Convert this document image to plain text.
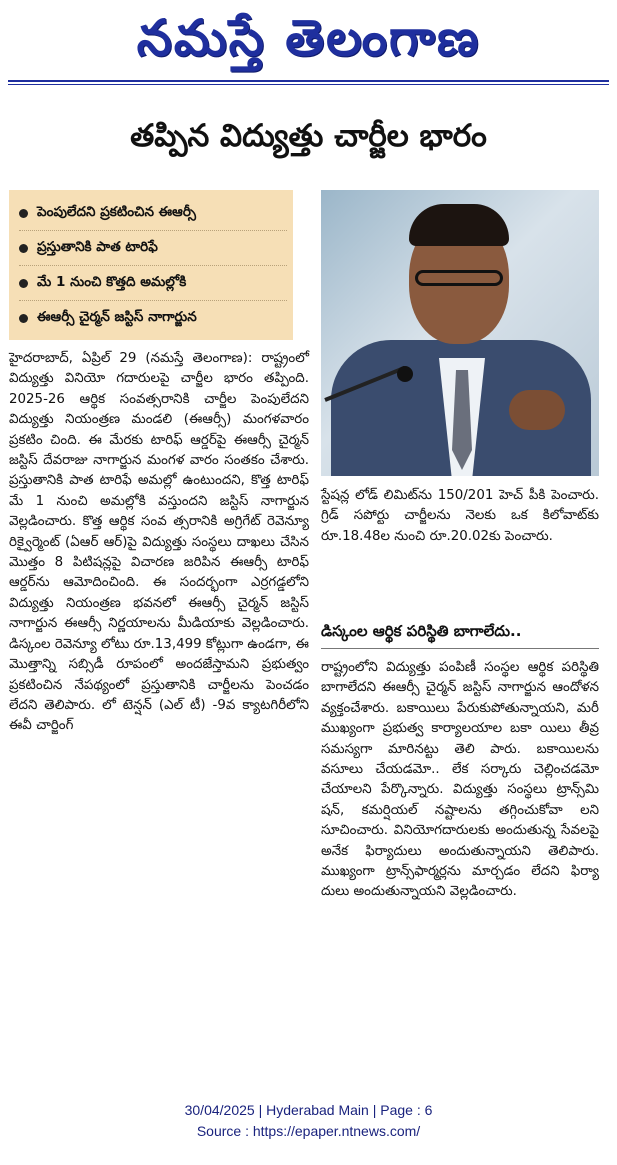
నమస్తే తెలంగాణ
తప్పిన విద్యుత్తు చార్జీల భారం
పెంపులేదని ప్రకటించిన ఈఆర్సీ
ప్రస్తుతానికి పాత టారిఫే
మే 1 నుంచి కొత్తది అమల్లోకి
ఈఆర్సీ చైర్మన్ జస్టిస్ నాగార్జున

హైదరాబాద్, ఏప్రిల్ 29 (నమస్తే తెలంగాణ): రాష్ట్రంలో విద్యుత్తు వినియో గదారులపై చార్జీల భారం తప్పింది. 2025-26 ఆర్థిక సంవత్సరానికి చార్జీల పెంపులేదని విద్యుత్తు నియంత్రణ మండలి (ఈఆర్సీ) మంగళవారం ప్రకటిం చింది. ఈ మేరకు టారిఫ్ ఆర్డర్‌పై ఈఆర్సీ చైర్మన్ జస్టిస్ దేవరాజు నాగార్జున మంగళ వారం సంతకం చేశారు. ప్రస్తుతానికి పాత టారిఫే అమల్లో ఉంటుందని, కొత్త టారిఫ్ మే 1 నుంచి అమల్లోకి వస్తుందని జస్టిస్ నాగార్జున వెల్లడించారు. కొత్త ఆర్థిక సంవ త్సరానికి అగ్రిగేట్ రెవెన్యూ రిక్వైర్మెంట్ (ఏఆర్ ఆర్)పై విద్యుత్తు సంస్థలు దాఖలు చేసిన మొత్తం 8 పిటిషన్లపై విచారణ జరిపిన ఈఆర్సీ టారిఫ్ ఆర్డర్‌ను ఆమోదించింది. ఈ సందర్భంగా ఎర్రగడ్డలోని విద్యుత్తు నియంత్రణ భవనలో ఈఆర్సీ చైర్మన్ జస్టిస్ నాగార్జున ఈఆర్సీ నిర్ణయాలను మీడియాకు వెల్లడించారు. డిస్కంల రెవెన్యూ లోటు రూ.13,499 కోట్లుగా ఉండగా, ఈ మొత్తాన్ని సబ్సిడీ రూపంలో అందజేస్తామని ప్రభుత్వం ప్రకటించిన నేపథ్యంలో ప్రస్తుతానికి చార్జీలను పెంచడం లేదని తెలిపారు. లో టెన్షన్ (ఎల్ టీ) -9వ క్యాటగిరీలోని ఈవీ చార్జింగ్

స్టేషన్ల లోడ్ లిమిట్‌ను 150/201 హెచ్ పీకి పెంచారు. గ్రిడ్ సపోర్టు చార్జీలను నెలకు ఒక కిలోవాట్‌కు రూ.18.48ల నుంచి రూ.20.02కు పెంచారు.

డిస్కంల ఆర్థిక పరిస్థితి బాగాలేదు..

రాష్ట్రంలోని విద్యుత్తు పంపిణీ సంస్థల ఆర్థిక పరిస్థితి బాగాలేదని ఈఆర్సీ చైర్మన్ జస్టిస్ నాగార్జున ఆందోళన వ్యక్తంచేశారు. బకాయిలు పేరుకుపోతున్నాయని, మరీ ముఖ్యంగా ప్రభుత్వ కార్యాలయాల బకా యిలు తీవ్ర సమస్యగా మారినట్టు తెలి పారు. బకాయిలను వసూలు చేయడమో.. లేక సర్కారు చెల్లించడమో చేయాలని పేర్కొన్నారు. విద్యుత్తు సంస్థలు ట్రాన్స్‌మి షన్, కమర్షియల్ నష్టాలను తగ్గించుకోవా లని సూచించారు. వినియోగదారులకు అందుతున్న సేవలపై అనేక ఫిర్యాదులు అందుతున్నాయని తెలిపారు. ముఖ్యంగా ట్రాన్స్‌ఫార్మర్లను మార్చడం లేదని ఫిర్యా దులు అందుతున్నాయని వెల్లడించారు.

30/04/2025 | Hyderabad Main | Page : 6
Source : https://epaper.ntnews.com/
